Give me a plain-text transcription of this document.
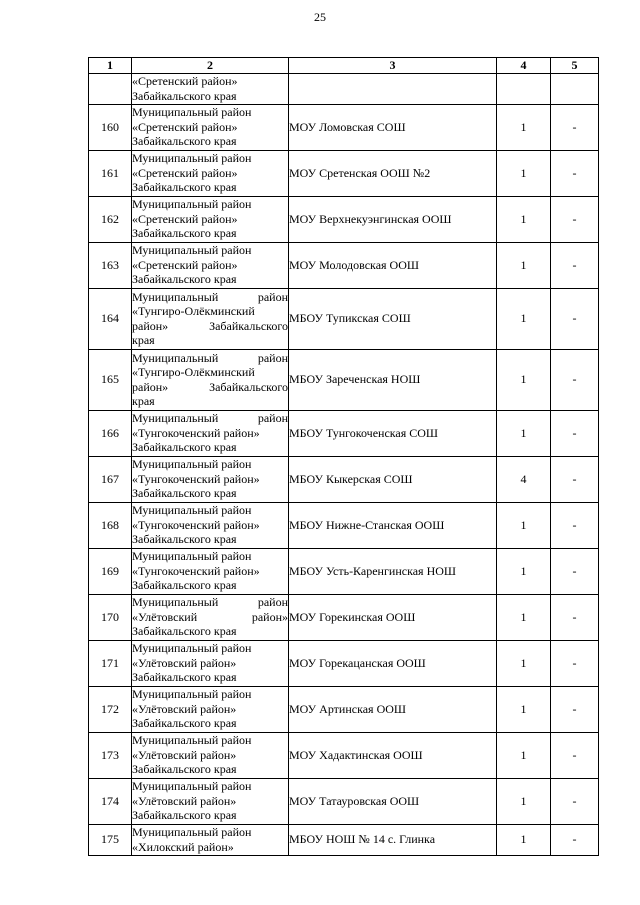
25
1	2	3	4	5

	«Сретенский район»
Забайкальского края			

160	Муниципальный район
«Сретенский район»
Забайкальского края	МОУ Ломовская СОШ	1	-
161	Муниципальный район
«Сретенский район»
Забайкальского края	МОУ Сретенская ООШ №2	1	-
162	Муниципальный район
«Сретенский район»
Забайкальского края	МОУ Верхнекуэнгинская ООШ	1	-
163	Муниципальный район
«Сретенский район»
Забайкальского края	МОУ Молодовская ООШ	1	-
164	Муниципальный район
«Тунгиро-Олёкминский
район» Забайкальского
края	МБОУ Тупикская СОШ	1	-
165	Муниципальный район
«Тунгиро-Олёкминский
район» Забайкальского
края	МБОУ Зареченская НОШ	1	-
166	Муниципальный район
«Тунгокоченский район»
Забайкальского края	МБОУ Тунгокоченская СОШ	1	-
167	Муниципальный район
«Тунгокоченский район»
Забайкальского края	МБОУ Кыкерская СОШ	4	-
168	Муниципальный район
«Тунгокоченский район»
Забайкальского края	МБОУ Нижне-Станская ООШ	1	-
169	Муниципальный район
«Тунгокоченский район»
Забайкальского края	МБОУ Усть-Каренгинская НОШ	1	-
170	Муниципальный район
«Улётовский район»
Забайкальского края	МОУ Горекинская ООШ	1	-
171	Муниципальный район
«Улётовский район»
Забайкальского края	МОУ Горекацанская ООШ	1	-
172	Муниципальный район
«Улётовский район»
Забайкальского края	МОУ Артинская ООШ	1	-
173	Муниципальный район
«Улётовский район»
Забайкальского края	МОУ Хадактинская ООШ	1	-
174	Муниципальный район
«Улётовский район»
Забайкальского края	МОУ Татауровская ООШ	1	-
175	Муниципальный район
«Хилокский район»	МБОУ НОШ № 14 с. Глинка	1	-
